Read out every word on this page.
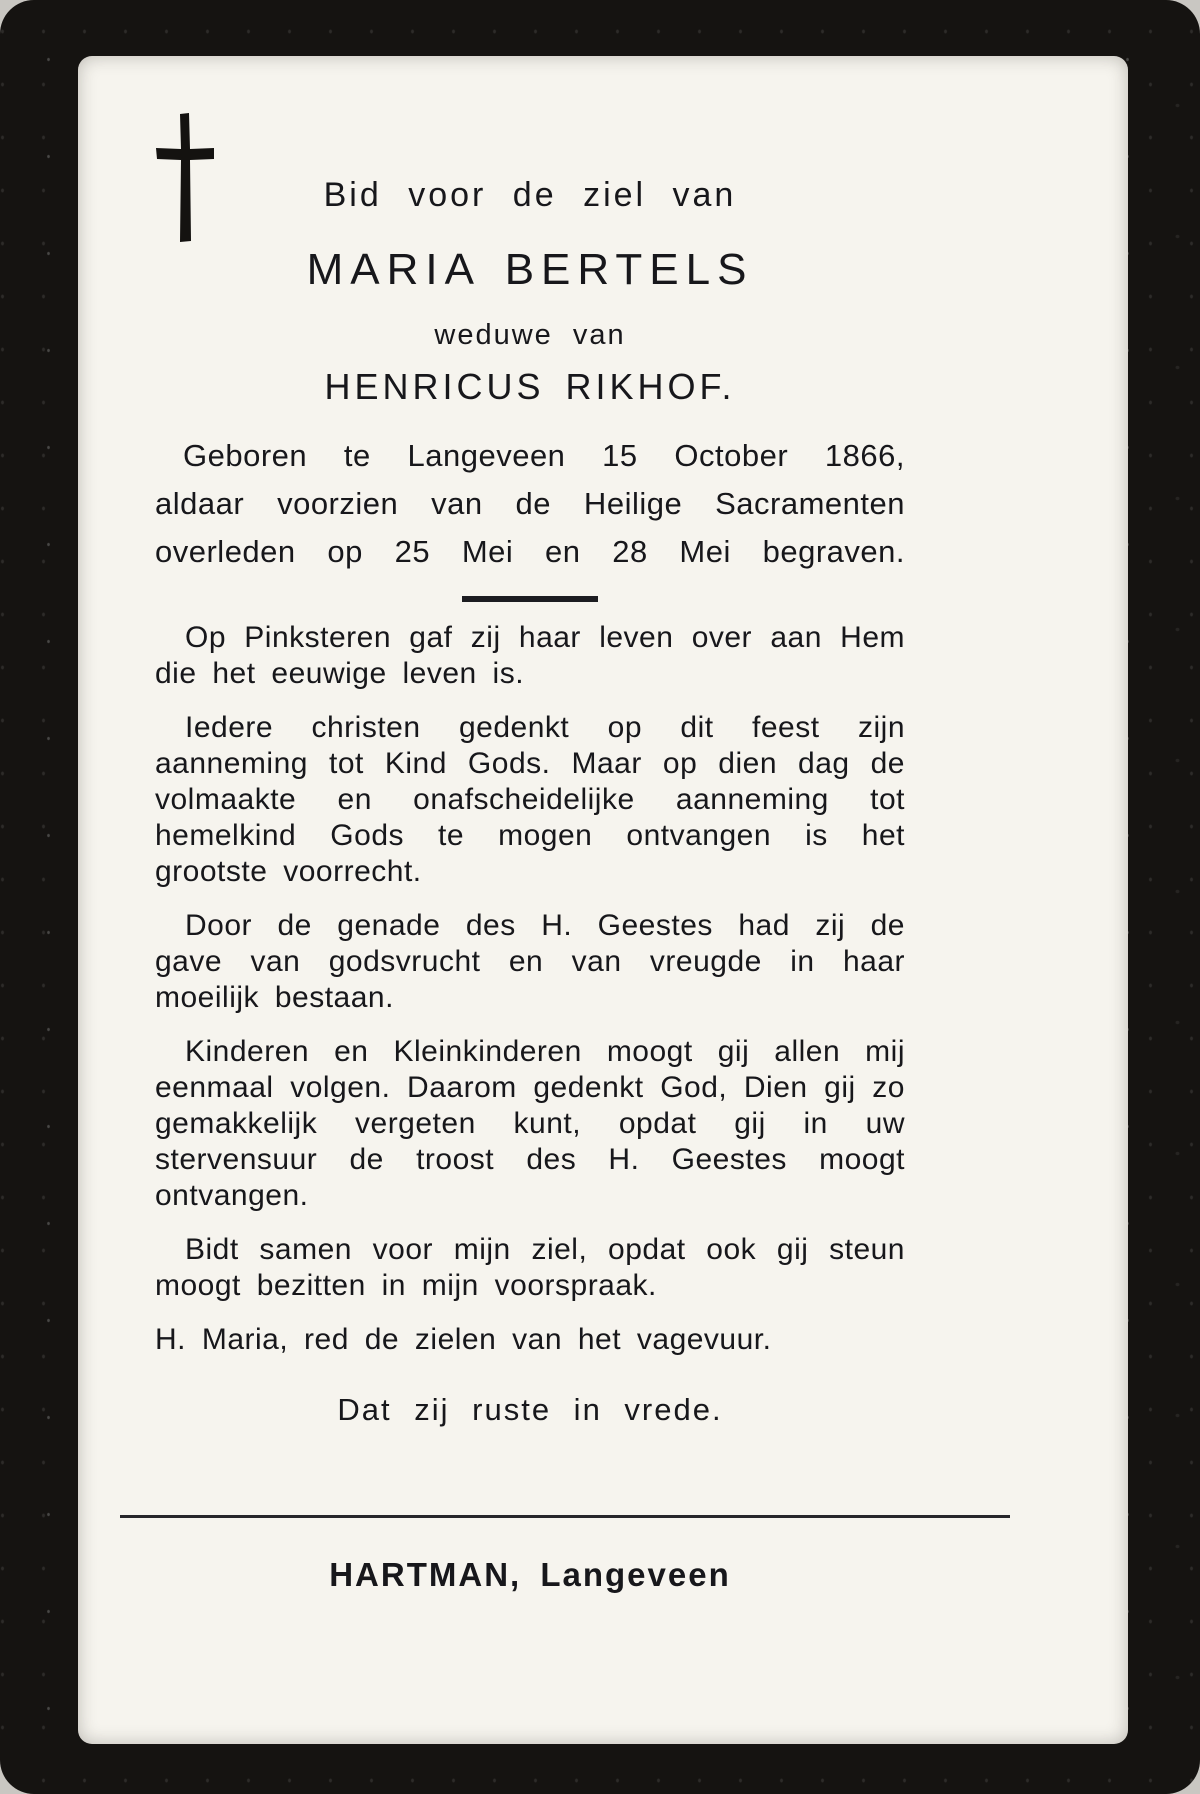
Bid voor de ziel van
MARIA BERTELS
weduwe van
HENRICUS RIKHOF.
Geboren te Langeveen 15 October 1866,
aldaar voorzien van de Heilige Sacramenten
overleden op 25 Mei en 28 Mei begraven.

Op Pinksteren gaf zij haar leven over aan Hem die het eeuwige leven is.

Iedere christen gedenkt op dit feest zijn aanneming tot Kind Gods. Maar op dien dag de volmaakte en onafscheidelijke aanneming tot hemelkind Gods te mogen ontvangen is het grootste voorrecht.

Door de genade des H. Geestes had zij de gave van godsvrucht en van vreugde in haar moeilijk bestaan.

Kinderen en Kleinkinderen moogt gij allen mij eenmaal volgen. Daarom gedenkt God, Dien gij zo gemakkelijk vergeten kunt, opdat gij in uw stervensuur de troost des H. Geestes moogt ontvangen.

Bidt samen voor mijn ziel, opdat ook gij steun moogt bezitten in mijn voorspraak.

H. Maria, red de zielen van het vagevuur.

Dat zij ruste in vrede.
HARTMAN, Langeveen
